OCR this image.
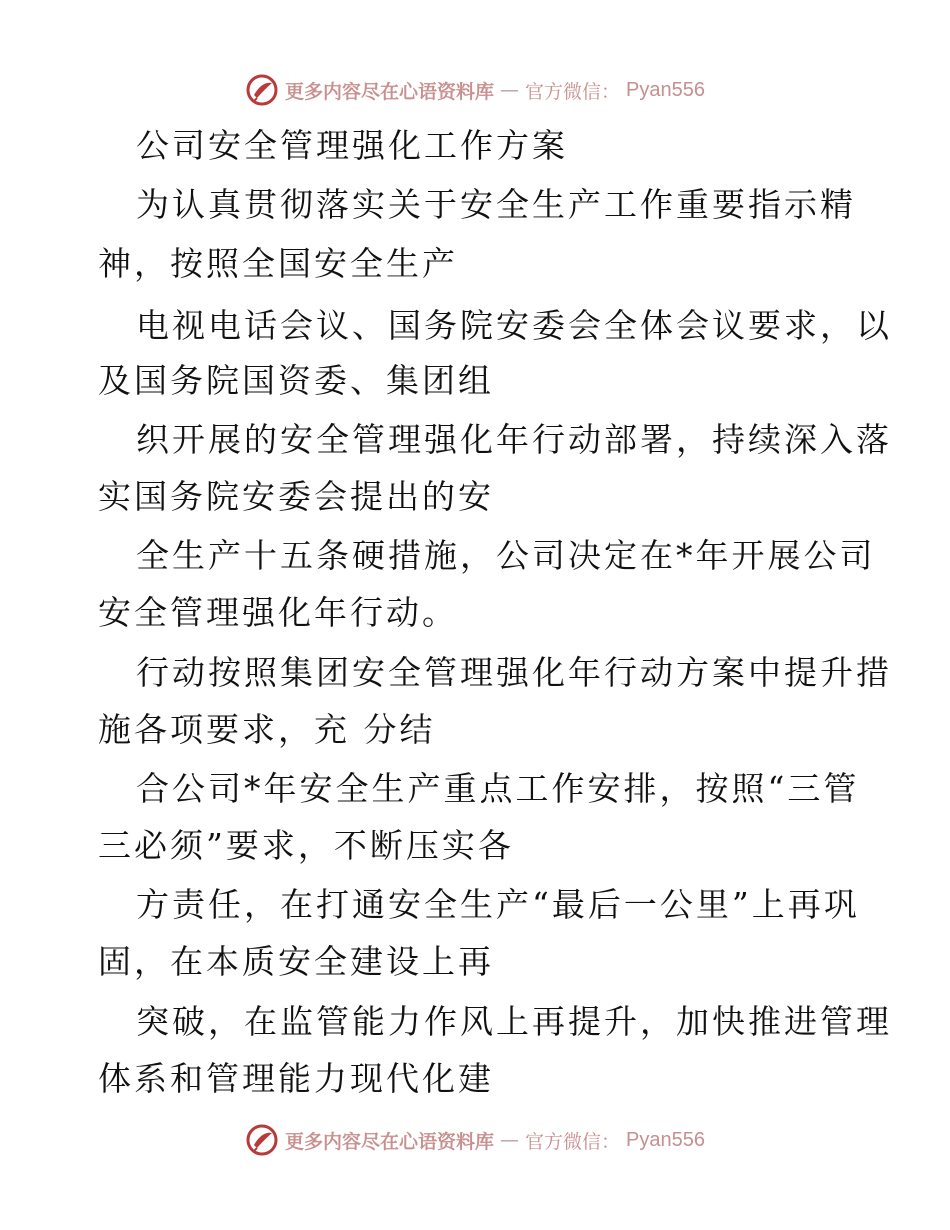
更多内容尽在心语资料库 — 官方微信： Pyan556
公司安全管理强化工作方案
为认真贯彻落实关于安全生产工作重要指示精
神，按照全国安全生产
电视电话会议、国务院安委会全体会议要求，以
及国务院国资委、集团组
织开展的安全管理强化年行动部署，持续深入落
实国务院安委会提出的安
全生产十五条硬措施，公司决定在*年开展公司
安全管理强化年行动。
行动按照集团安全管理强化年行动方案中提升措
施各项要求，充 分结
合公司*年安全生产重点工作安排，按照“三管
三必须”要求，不断压实各
方责任，在打通安全生产“最后一公里”上再巩
固，在本质安全建设上再
突破，在监管能力作风上再提升，加快推进管理
体系和管理能力现代化建
更多内容尽在心语资料库 — 官方微信： Pyan556
